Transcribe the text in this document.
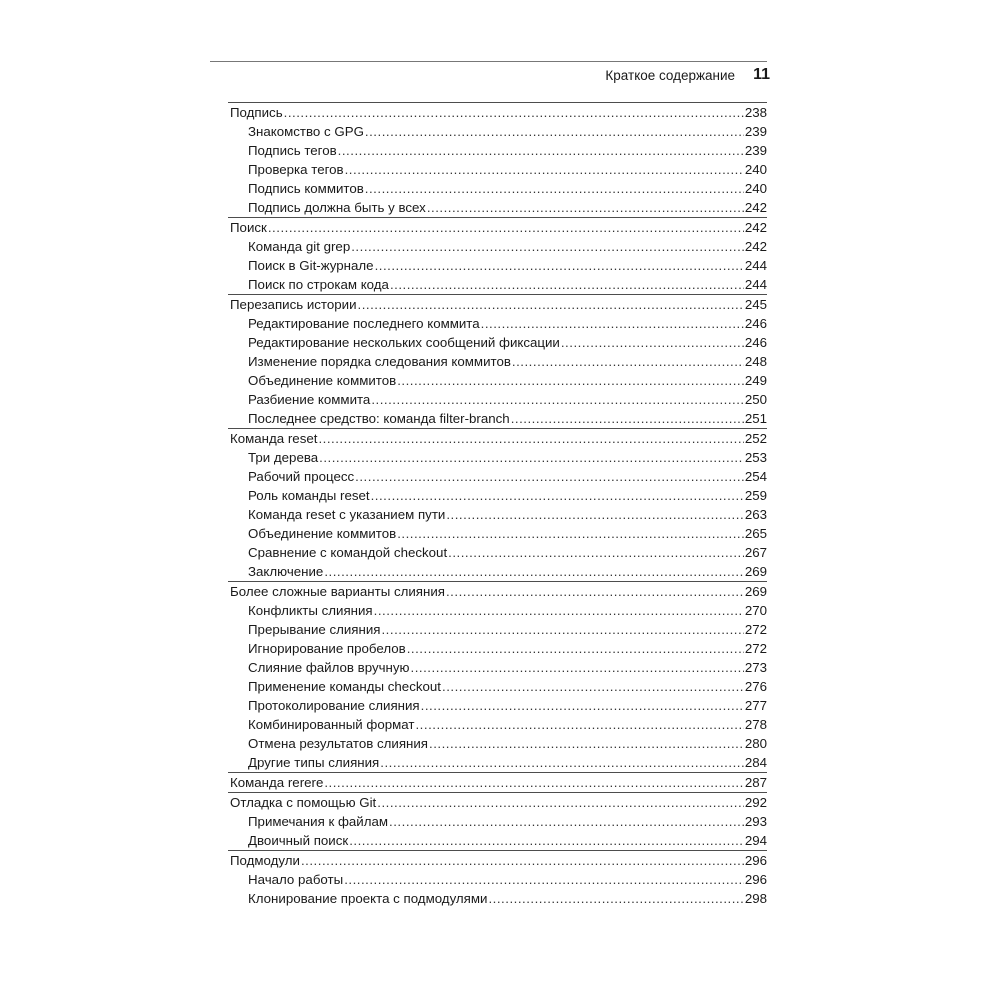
Краткое содержание 11
Подпись .....	238
Знакомство с GPG .....	239
Подпись тегов .....	239
Проверка тегов .....	240
Подпись коммитов .....	240
Подпись должна быть у всех .....	242
Поиск .....	242
Команда git grep .....	242
Поиск в Git-журнале .....	244
Поиск по строкам кода .....	244
Перезапись истории .....	245
Редактирование последнего коммита .....	246
Редактирование нескольких сообщений фиксации .....	246
Изменение порядка следования коммитов .....	248
Объединение коммитов .....	249
Разбиение коммита .....	250
Последнее средство: команда filter-branch .....	251
Команда reset .....	252
Три дерева .....	253
Рабочий процесс .....	254
Роль команды reset .....	259
Команда reset с указанием пути .....	263
Объединение коммитов .....	265
Сравнение с командой checkout .....	267
Заключение .....	269
Более сложные варианты слияния .....	269
Конфликты слияния .....	270
Прерывание слияния .....	272
Игнорирование пробелов .....	272
Слияние файлов вручную .....	273
Применение команды checkout .....	276
Протоколирование слияния .....	277
Комбинированный формат .....	278
Отмена результатов слияния .....	280
Другие типы слияния .....	284
Команда rerere .....	287
Отладка с помощью Git .....	292
Примечания к файлам .....	293
Двоичный поиск .....	294
Подмодули .....	296
Начало работы .....	296
Клонирование проекта с подмодулями .....	298
